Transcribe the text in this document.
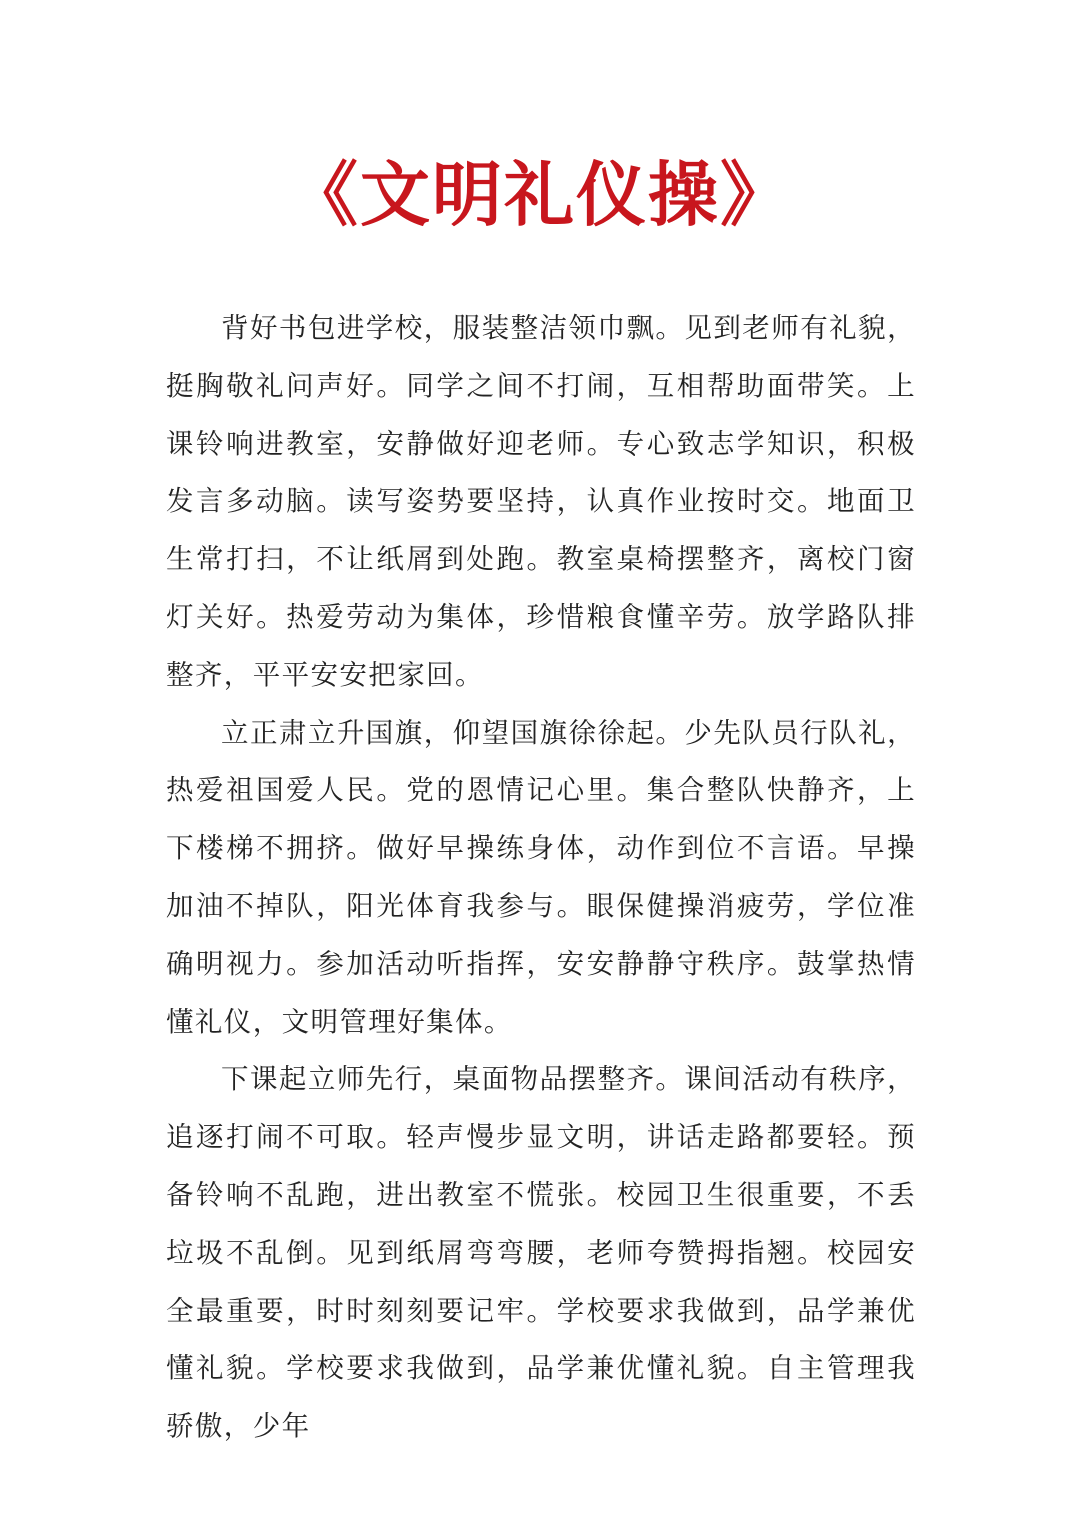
《文明礼仪操》

背好书包进学校，服装整洁领巾飘。见到老师有礼貌，挺胸敬礼问声好。同学之间不打闹，互相帮助面带笑。上课铃响进教室，安静做好迎老师。专心致志学知识，积极发言多动脑。读写姿势要坚持，认真作业按时交。地面卫生常打扫，不让纸屑到处跑。教室桌椅摆整齐，离校门窗灯关好。热爱劳动为集体，珍惜粮食懂辛劳。放学路队排整齐，平平安安把家回。

立正肃立升国旗，仰望国旗徐徐起。少先队员行队礼，热爱祖国爱人民。党的恩情记心里。集合整队快静齐，上下楼梯不拥挤。做好早操练身体，动作到位不言语。早操加油不掉队，阳光体育我参与。眼保健操消疲劳，学位准确明视力。参加活动听指挥，安安静静守秩序。鼓掌热情懂礼仪，文明管理好集体。

下课起立师先行，桌面物品摆整齐。课间活动有秩序，追逐打闹不可取。轻声慢步显文明，讲话走路都要轻。预备铃响不乱跑，进出教室不慌张。校园卫生很重要，不丢垃圾不乱倒。见到纸屑弯弯腰，老师夸赞拇指翘。校园安全最重要，时时刻刻要记牢。学校要求我做到，品学兼优懂礼貌。学校要求我做到，品学兼优懂礼貌。自主管理我骄傲，少年
